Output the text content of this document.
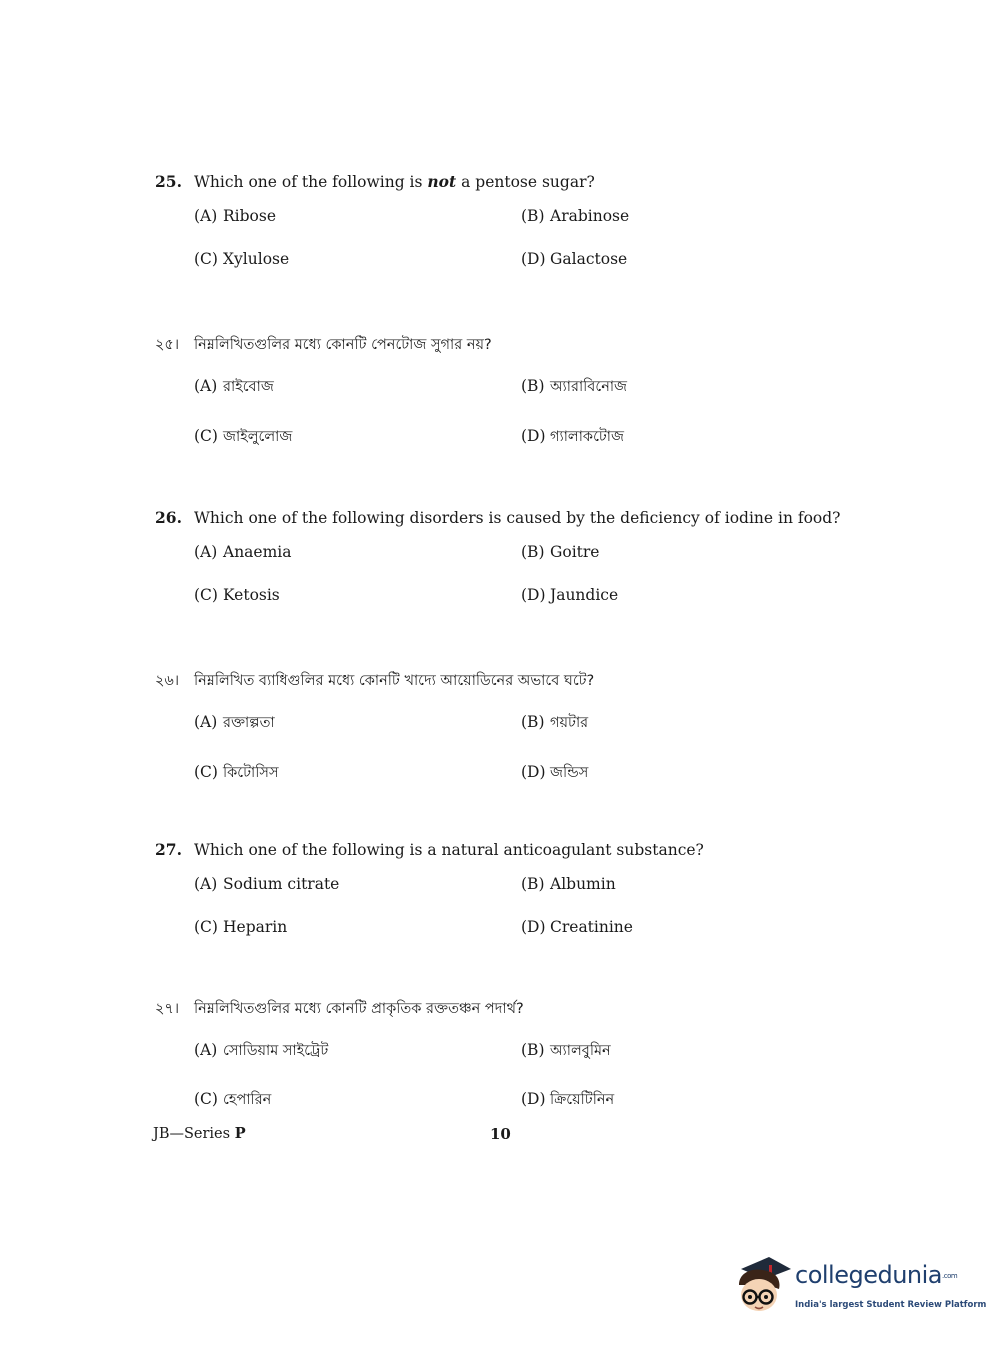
25. Which one of the following is not a pentose sugar?
(A) Ribose	(B) Arabinose
(C) Xylulose	(D) Galactose
২৫। নিম্নলিখিতগুলির মধ্যে কোনটি পেনটোজ সুগার নয়?
(A) রাইবোজ	(B) অ্যারাবিনোজ
(C) জাইলুলোজ	(D) গ্যালাকটোজ
26. Which one of the following disorders is caused by the deficiency of iodine in food?
(A) Anaemia	(B) Goitre
(C) Ketosis	(D) Jaundice
২৬। নিম্নলিখিত ব্যাধিগুলির মধ্যে কোনটি খাদ্যে আয়োডিনের অভাবে ঘটে?
(A) রক্তাল্পতা	(B) গয়টার
(C) কিটোসিস	(D) জন্ডিস
27. Which one of the following is a natural anticoagulant substance?
(A) Sodium citrate	(B) Albumin
(C) Heparin	(D) Creatinine
২৭। নিম্নলিখিতগুলির মধ্যে কোনটি প্রাকৃতিক রক্ততঞ্চন পদার্থ?
(A) সোডিয়াম সাইট্রেট	(B) অ্যালবুমিন
(C) হেপারিন	(D) ক্রিয়েটিনিন
JB—Series P	10
collegedunia.com
India's largest Student Review Platform
